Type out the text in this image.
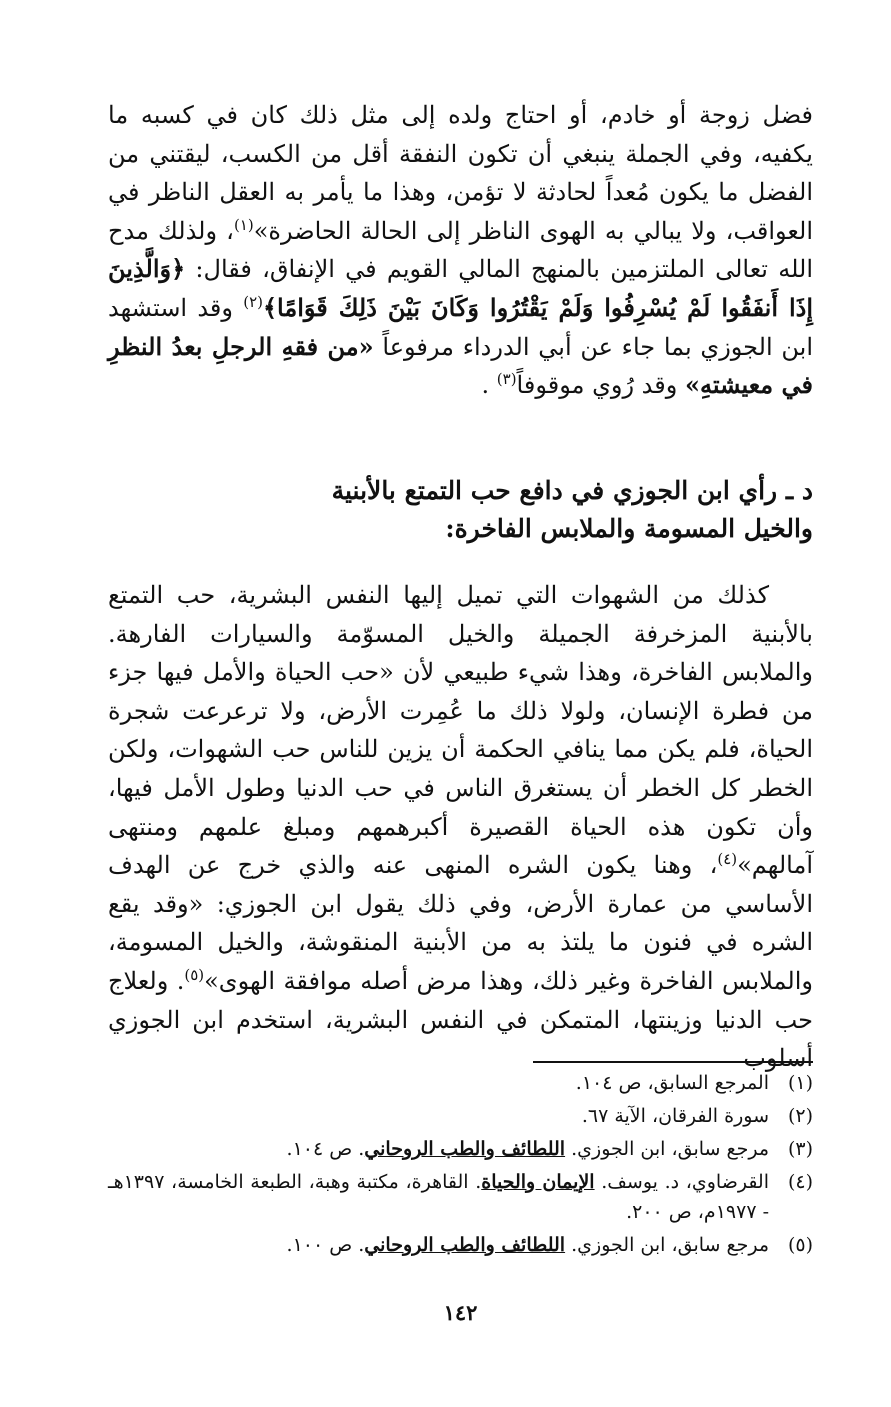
فضل زوجة أو خادم، أو احتاج ولده إلى مثل ذلك كان في كسبه ما يكفيه، وفي الجملة ينبغي أن تكون النفقة أقل من الكسب، ليقتني من الفضل ما يكون مُعداً لحادثة لا تؤمن، وهذا ما يأمر به العقل الناظر في العواقب، ولا يبالي به الهوى الناظر إلى الحالة الحاضرة»$^{(١)}$، ولذلك مدح الله تعالى الملتزمين بالمنهج المالي القويم في الإنفاق، فقال: ﴿وَالَّذِينَ إِذَا أَنفَقُوا لَمْ يُسْرِفُوا وَلَمْ يَقْتُرُوا وَكَانَ بَيْنَ ذَلِكَ قَوَامًا﴾$^{(٢)}$ وقد استشهد ابن الجوزي بما جاء عن أبي الدرداء مرفوعاً «من فقهِ الرجلِ بعدُ النظرِ في معيشتهِ» وقد رُوي موقوفاً$^{(٣)}$ .

د ـ رأي ابن الجوزي في دافع حب التمتع بالأبنية
والخيل المسومة والملابس الفاخرة:

كذلك من الشهوات التي تميل إليها النفس البشرية، حب التمتع بالأبنية المزخرفة الجميلة والخيل المسوّمة والسيارات الفارهة. والملابس الفاخرة، وهذا شيء طبيعي لأن «حب الحياة والأمل فيها جزء من فطرة الإنسان، ولولا ذلك ما عُمِرت الأرض، ولا ترعرعت شجرة الحياة، فلم يكن مما ينافي الحكمة أن يزين للناس حب الشهوات، ولكن الخطر كل الخطر أن يستغرق الناس في حب الدنيا وطول الأمل فيها، وأن تكون هذه الحياة القصيرة أكبرهمهم ومبلغ علمهم ومنتهى آمالهم»$^{(٤)}$، وهنا يكون الشره المنهى عنه والذي خرج عن الهدف الأساسي من عمارة الأرض، وفي ذلك يقول ابن الجوزي: «وقد يقع الشره في فنون ما يلتذ به من الأبنية المنقوشة، والخيل المسومة، والملابس الفاخرة وغير ذلك، وهذا مرض أصله موافقة الهوى»$^{(٥)}$. ولعلاج حب الدنيا وزينتها، المتمكن في النفس البشرية، استخدم ابن الجوزي أسلوب

(١)
المرجع السابق، ص ١٠٤.
(٢)
سورة الفرقان، الآية ٦٧.
(٣)
مرجع سابق، ابن الجوزي. اللطائف والطب الروحاني. ص ١٠٤.
(٤)
القرضاوي، د. يوسف. الإيمان والحياة. القاهرة، مكتبة وهبة، الطبعة الخامسة، ١٣٩٧هـ - ١٩٧٧م، ص ٢٠٠.
(٥)
مرجع سابق، ابن الجوزي. اللطائف والطب الروحاني. ص ١٠٠.
١٤٢
